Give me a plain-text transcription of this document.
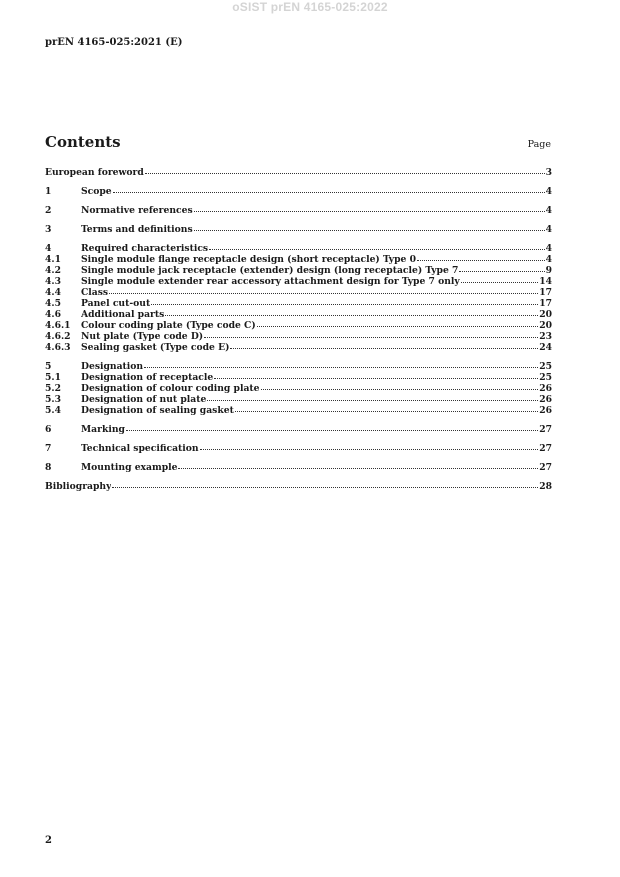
oSIST prEN 4165-025:2022
prEN 4165-025:2021 (E)
Contents	Page
European foreword	3
1	Scope	4
2	Normative references	4
3	Terms and definitions	4
4	Required characteristics	4
4.1	Single module flange receptacle design (short receptacle) Type 0	4
4.2	Single module jack receptacle (extender) design (long receptacle) Type 7	9
4.3	Single module extender rear accessory attachment design for Type 7 only	14
4.4	Class	17
4.5	Panel cut-out	17
4.6	Additional parts	20
4.6.1	Colour coding plate (Type code C)	20
4.6.2	Nut plate (Type code D)	23
4.6.3	Sealing gasket (Type code E)	24
5	Designation	25
5.1	Designation of receptacle	25
5.2	Designation of colour coding plate	26
5.3	Designation of nut plate	26
5.4	Designation of sealing gasket	26
6	Marking	27
7	Technical specification	27
8	Mounting example	27
Bibliography	28
2
